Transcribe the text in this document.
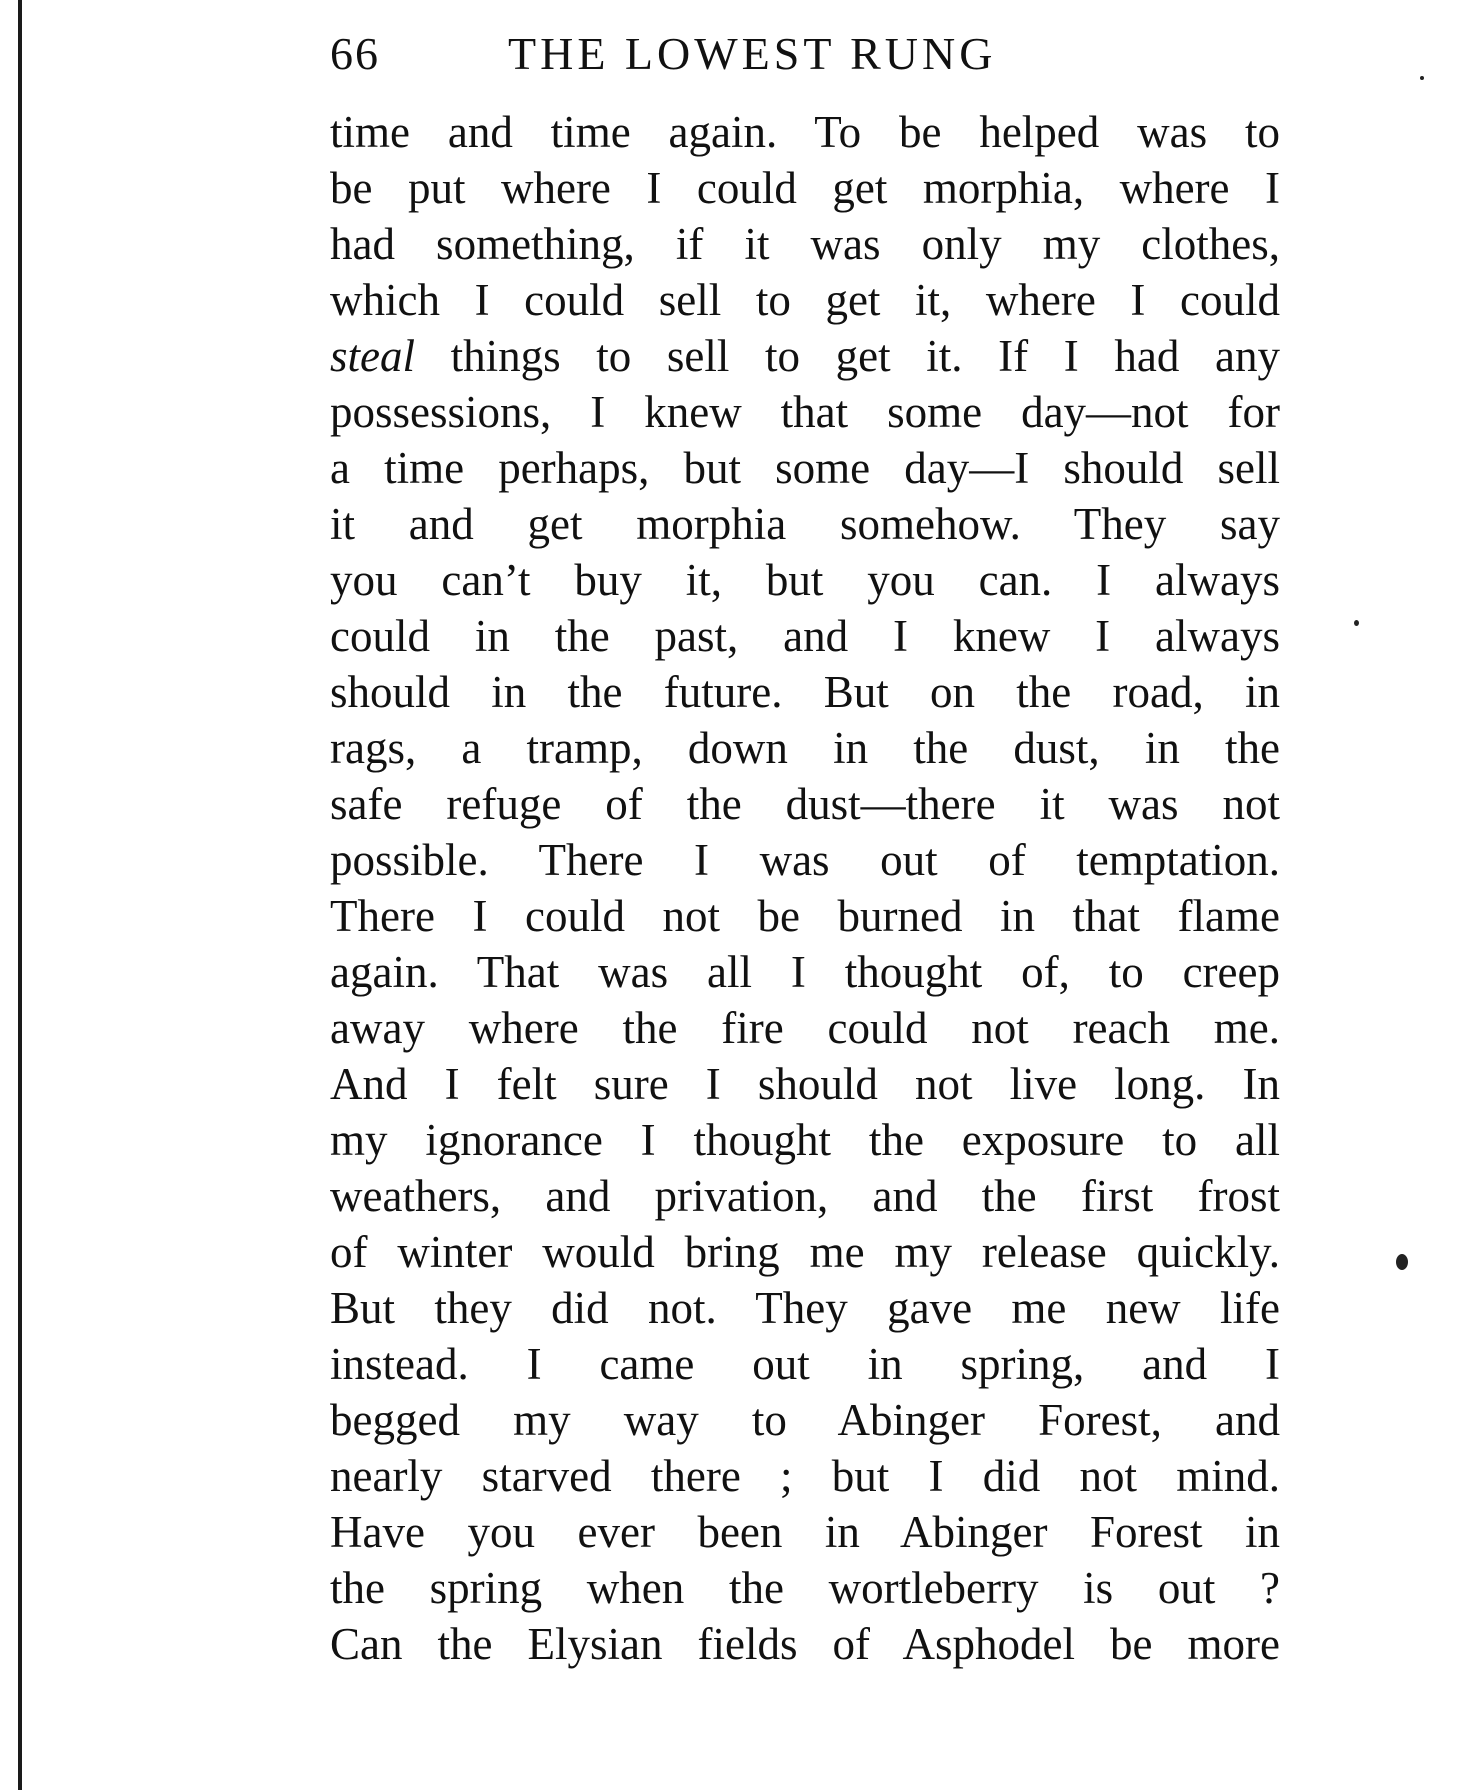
66	THE LOWEST RUNG
time and time again. To be helped was to
be put where I could get morphia, where I
had something, if it was only my clothes,
which I could sell to get it, where I could
steal things to sell to get it. If I had any
possessions, I knew that some day—not for
a time perhaps, but some day—I should sell
it and get morphia somehow. They say
you can’t buy it, but you can. I always
could in the past, and I knew I always
should in the future. But on the road, in
rags, a tramp, down in the dust, in the
safe refuge of the dust—there it was not
possible. There I was out of temptation.
There I could not be burned in that flame
again. That was all I thought of, to creep
away where the fire could not reach me.
And I felt sure I should not live long. In
my ignorance I thought the exposure to all
weathers, and privation, and the first frost
of winter would bring me my release quickly.
But they did not. They gave me new life
instead. I came out in spring, and I
begged my way to Abinger Forest, and
nearly starved there ; but I did not mind.
Have you ever been in Abinger Forest in
the spring when the wortleberry is out ?
Can the Elysian fields of Asphodel be more
